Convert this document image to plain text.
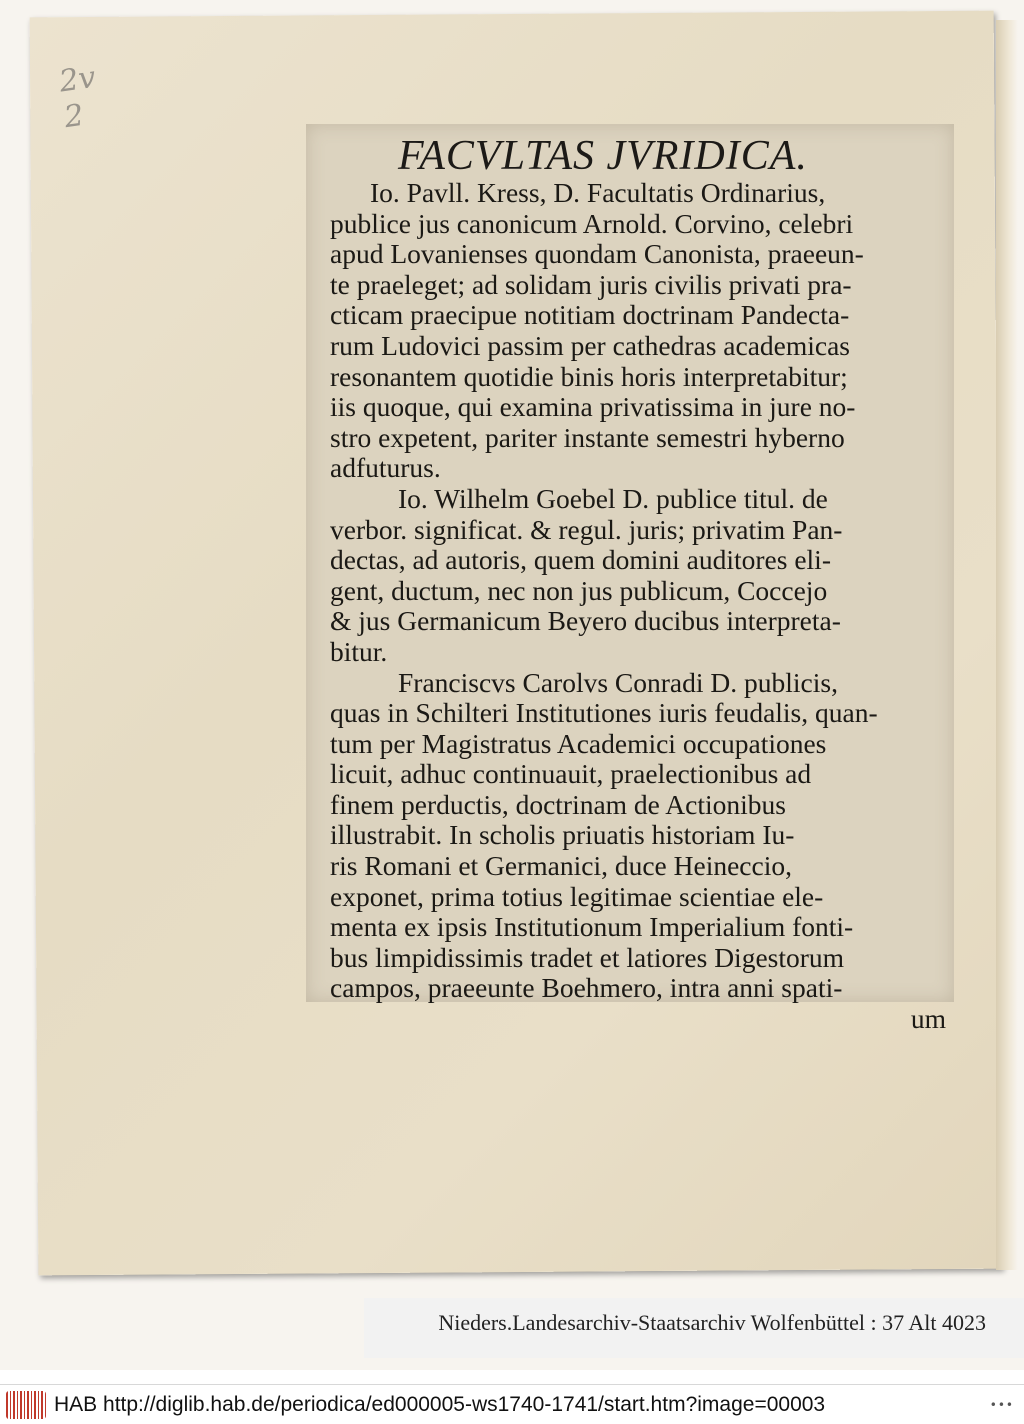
2v
2
FACVLTAS JVRIDICA.
Io. Pavll. Kress, D. Facultatis Ordinarius,
publice jus canonicum Arnold. Corvino, celebri
apud Lovanienses quondam Canonista, praeeun-
te praeleget; ad solidam juris civilis privati pra-
cticam praecipue notitiam doctrinam Pandecta-
rum Ludovici passim per cathedras academicas
resonantem quotidie binis horis interpretabitur;
iis quoque, qui examina privatissima in jure no-
stro expetent, pariter instante semestri hyberno
adfuturus.
Io. Wilhelm Goebel D. publice titul. de
verbor. significat. & regul. juris; privatim Pan-
dectas, ad autoris, quem domini auditores eli-
gent, ductum, nec non jus publicum, Coccejo
& jus Germanicum Beyero ducibus interpreta-
bitur.
Franciscvs Carolvs Conradi D. publicis,
quas in Schilteri Institutiones iuris feudalis, quan-
tum per Magistratus Academici occupationes
licuit, adhuc continuauit, praelectionibus ad
finem perductis, doctrinam de Actionibus
illustrabit. In scholis priuatis historiam Iu-
ris Romani et Germanici, duce Heineccio,
exponet, prima totius legitimae scientiae ele-
menta ex ipsis Institutionum Imperialium fonti-
bus limpidissimis tradet et latiores Digestorum
campos, praeeunte Boehmero, intra anni spati-
um
Nieders.Landesarchiv-Staatsarchiv Wolfenbüttel : 37 Alt 4023
HAB http://diglib.hab.de/periodica/ed000005-ws1740-1741/start.htm?image=00003	•••
